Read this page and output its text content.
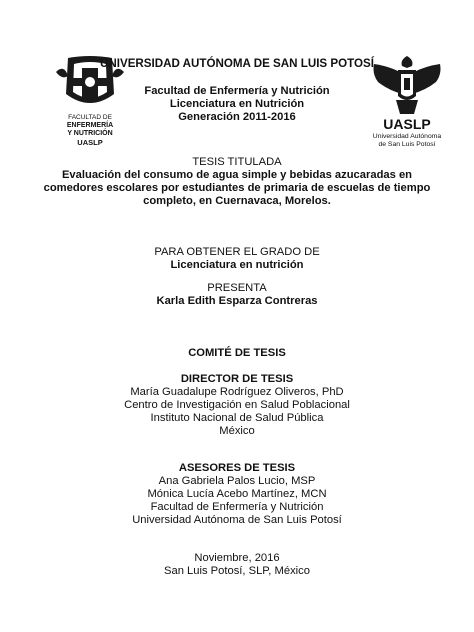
FACULTAD DE
ENFERMERÍA
Y NUTRICIÓN
UASLP
UASLP
Universidad Autónoma
de San Luis Potosí
UNIVERSIDAD AUTÓNOMA DE SAN LUIS POTOSÍ
Facultad de Enfermería y Nutrición
Licenciatura en Nutrición
Generación 2011-2016
TESIS TITULADA
Evaluación del consumo de agua simple y bebidas azucaradas en
comedores escolares por estudiantes de primaria de escuelas de tiempo
completo, en Cuernavaca, Morelos.
PARA OBTENER EL GRADO DE
Licenciatura en nutrición
PRESENTA
Karla Edith Esparza Contreras
COMITÉ DE TESIS
DIRECTOR DE TESIS
María Guadalupe Rodríguez Oliveros, PhD
Centro de Investigación en Salud Poblacional
Instituto Nacional de Salud Pública
México
ASESORES DE TESIS
Ana Gabriela Palos Lucio, MSP
Mónica Lucía Acebo Martínez, MCN
Facultad de Enfermería y Nutrición
Universidad Autónoma de San Luis Potosí
Noviembre, 2016
San Luis Potosí, SLP, México
